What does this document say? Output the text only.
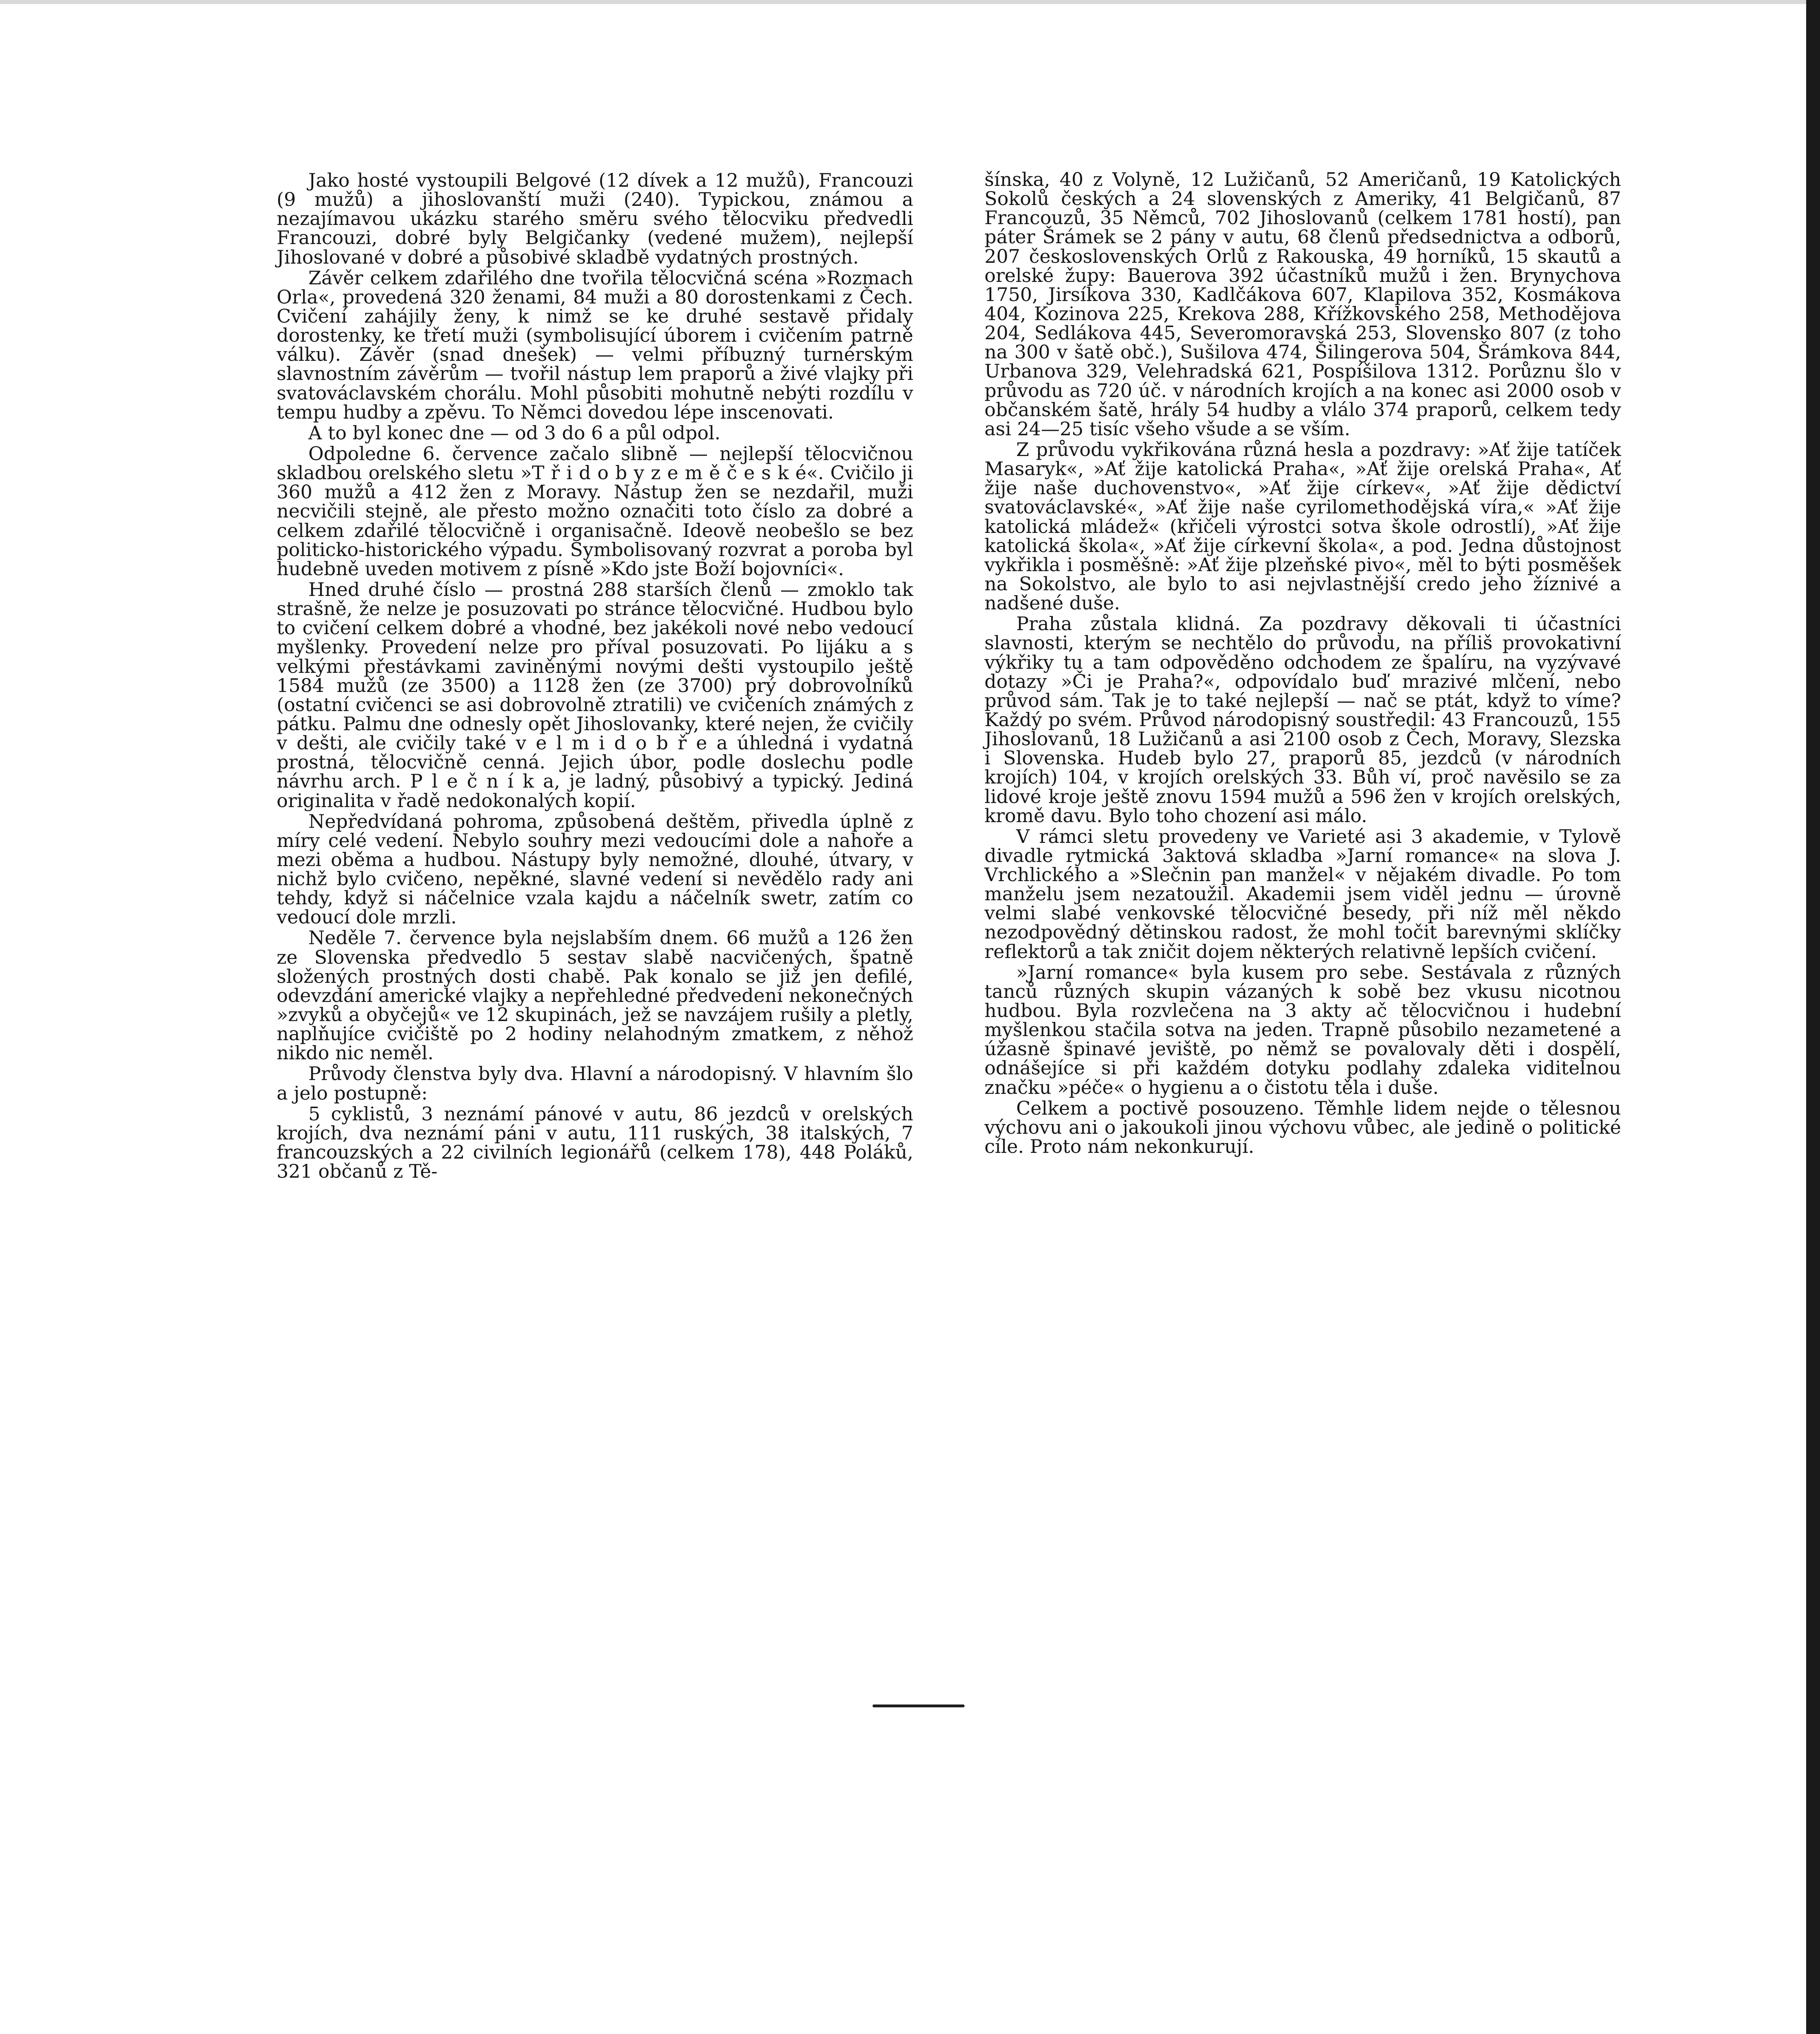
Jako hosté vystoupili Belgové (12 dívek a 12 mužů), Francouzi (9 mužů) a jihoslovanští muži (240). Typickou, známou a nezajímavou ukázku starého směru svého tělocviku předvedli Francouzi, dobré byly Belgičanky (vedené mužem), nejlepší Jihoslované v dobré a působivé skladbě vydatných prostných.

Závěr celkem zdařilého dne tvořila tělocvičná scéna »Rozmach Orla«, provedená 320 ženami, 84 muži a 80 dorostenkami z Čech. Cvičení zahájily ženy, k nimž se ke druhé sestavě přidaly dorostenky, ke třetí muži (symbolisující úborem i cvičením patrně válku). Závěr (snad dnešek) — velmi příbuzný turnérským slavnostním závěrům — tvořil nástup lem praporů a živé vlajky při svatováclavském chorálu. Mohl působiti mohutně nebýti rozdílu v tempu hudby a zpěvu. To Němci dovedou lépe inscenovati.

A to byl konec dne — od 3 do 6 a půl odpol.

Odpoledne 6. července začalo slibně — nejlepší tělocvičnou skladbou orelského sletu »T ř i d o b y z e m ě č e s k é«. Cvičilo ji 360 mužů a 412 žen z Moravy. Nástup žen se nezdařil, muži necvičili stejně, ale přesto možno označiti toto číslo za dobré a celkem zdařilé tělocvičně i organisačně. Ideově neobešlo se bez politicko-historického výpadu. Symbolisovaný rozvrat a poroba byl hudebně uveden motivem z písně »Kdo jste Boží bojovníci«.

Hned druhé číslo — prostná 288 starších členů — zmoklo tak strašně, že nelze je posuzovati po stránce tělocvičné. Hudbou bylo to cvičení celkem dobré a vhodné, bez jakékoli nové nebo vedoucí myšlenky. Provedení nelze pro příval posuzovati. Po lijáku a s velkými přestávkami zaviněnými novými dešti vystoupilo ještě 1584 mužů (ze 3500) a 1128 žen (ze 3700) prý dobrovolníků (ostatní cvičenci se asi dobrovolně ztratili) ve cvičeních známých z pátku. Palmu dne odnesly opět Jihoslovanky, které nejen, že cvičily v dešti, ale cvičily také v e l m i d o b ř e a úhledná i vydatná prostná, tělocvičně cenná. Jejich úbor, podle doslechu podle návrhu arch. P l e č n í k a, je ladný, působivý a typický. Jediná originalita v řadě nedokonalých kopií.

Nepředvídaná pohroma, způsobená deštěm, přivedla úplně z míry celé vedení. Nebylo souhry mezi vedoucími dole a nahoře a mezi oběma a hudbou. Nástupy byly nemožné, dlouhé, útvary, v nichž bylo cvičeno, nepěkné, slavné vedení si nevědělo rady ani tehdy, když si náčelnice vzala kajdu a náčelník swetr, zatím co vedoucí dole mrzli.

Neděle 7. července byla nejslabším dnem. 66 mužů a 126 žen ze Slovenska předvedlo 5 sestav slabě nacvičených, špatně složených prostných dosti chabě. Pak konalo se již jen defilé, odevzdání americké vlajky a nepřehledné předvedení nekonečných »zvyků a obyčejů« ve 12 skupinách, jež se navzájem rušily a pletly, naplňujíce cvičiště po 2 hodiny nelahodným zmatkem, z něhož nikdo nic neměl.

Průvody členstva byly dva. Hlavní a národopisný. V hlavním šlo a jelo postupně:

5 cyklistů, 3 neznámí pánové v autu, 86 jezdců v orelských krojích, dva neznámí páni v autu, 111 ruských, 38 italských, 7 francouzských a 22 civilních legionářů (celkem 178), 448 Poláků, 321 občanů z Tě-

šínska, 40 z Volyně, 12 Lužičanů, 52 Američanů, 19 Katolických Sokolů českých a 24 slovenských z Ameriky, 41 Belgičanů, 87 Francouzů, 35 Němců, 702 Jihoslovanů (celkem 1781 hostí), pan páter Šrámek se 2 pány v autu, 68 členů předsednictva a odborů, 207 československých Orlů z Rakouska, 49 horníků, 15 skautů a orelské župy: Bauerova 392 účastníků mužů i žen. Brynychova 1750, Jirsíkova 330, Kadlčákova 607, Klapilova 352, Kosmákova 404, Kozinova 225, Krekova 288, Křížkovského 258, Methodějova 204, Sedlákova 445, Severomoravská 253, Slovensko 807 (z toho na 300 v šatě obč.), Sušilova 474, Šilingerova 504, Šrámkova 844, Urbanova 329, Velehradská 621, Pospíšilova 1312. Porůznu šlo v průvodu as 720 úč. v národních krojích a na konec asi 2000 osob v občanském šatě, hrály 54 hudby a vlálo 374 praporů, celkem tedy asi 24—25 tisíc všeho všude a se vším.

Z průvodu vykřikována různá hesla a pozdravy: »Ať žije tatíček Masaryk«, »Ať žije katolická Praha«, »Ať žije orelská Praha«, Ať žije naše duchovenstvo«, »Ať žije církev«, »Ať žije dědictví svatováclavské«, »Ať žije naše cyrilomethodějská víra,« »Ať žije katolická mládež« (křičeli výrostci sotva škole odrostlí), »Ať žije katolická škola«, »Ať žije církevní škola«, a pod. Jedna důstojnost vykřikla i posměšně: »Ať žije plzeňské pivo«, měl to býti posměšek na Sokolstvo, ale bylo to asi nejvlastnější credo jeho žíznivé a nadšené duše.

Praha zůstala klidná. Za pozdravy děkovali ti účastníci slavnosti, kterým se nechtělo do průvodu, na příliš provokativní výkřiky tu a tam odpověděno odchodem ze špalíru, na vyzývavé dotazy »Či je Praha?«, odpovídalo buď mrazivé mlčení, nebo průvod sám. Tak je to také nejlepší — nač se ptát, když to víme? Každý po svém. Průvod národopisný soustředil: 43 Francouzů, 155 Jihoslovanů, 18 Lužičanů a asi 2100 osob z Čech, Moravy, Slezska i Slovenska. Hudeb bylo 27, praporů 85, jezdců (v národních krojích) 104, v krojích orelských 33. Bůh ví, proč navěsilo se za lidové kroje ještě znovu 1594 mužů a 596 žen v krojích orelských, kromě davu. Bylo toho chození asi málo.

V rámci sletu provedeny ve Varieté asi 3 akademie, v Tylově divadle rytmická 3aktová skladba »Jarní romance« na slova J. Vrchlického a »Slečnin pan manžel« v nějakém divadle. Po tom manželu jsem nezatoužil. Akademii jsem viděl jednu — úrovně velmi slabé venkovské tělocvičné besedy, při níž měl někdo nezodpovědný dětinskou radost, že mohl točit barevnými sklíčky reflektorů a tak zničit dojem některých relativně lepších cvičení.

»Jarní romance« byla kusem pro sebe. Sestávala z různých tanců různých skupin vázaných k sobě bez vkusu nicotnou hudbou. Byla rozvlečena na 3 akty ač tělocvičnou i hudební myšlenkou stačila sotva na jeden. Trapně působilo nezametené a úžasně špinavé jeviště, po němž se povalovaly děti i dospělí, odnášejíce si při každém dotyku podlahy zdaleka viditelnou značku »péče« o hygienu a o čistotu těla i duše.

Celkem a poctivě posouzeno. Těmhle lidem nejde o tělesnou výchovu ani o jakoukoli jinou výchovu vůbec, ale jedině o politické cíle. Proto nám nekonkurují.
